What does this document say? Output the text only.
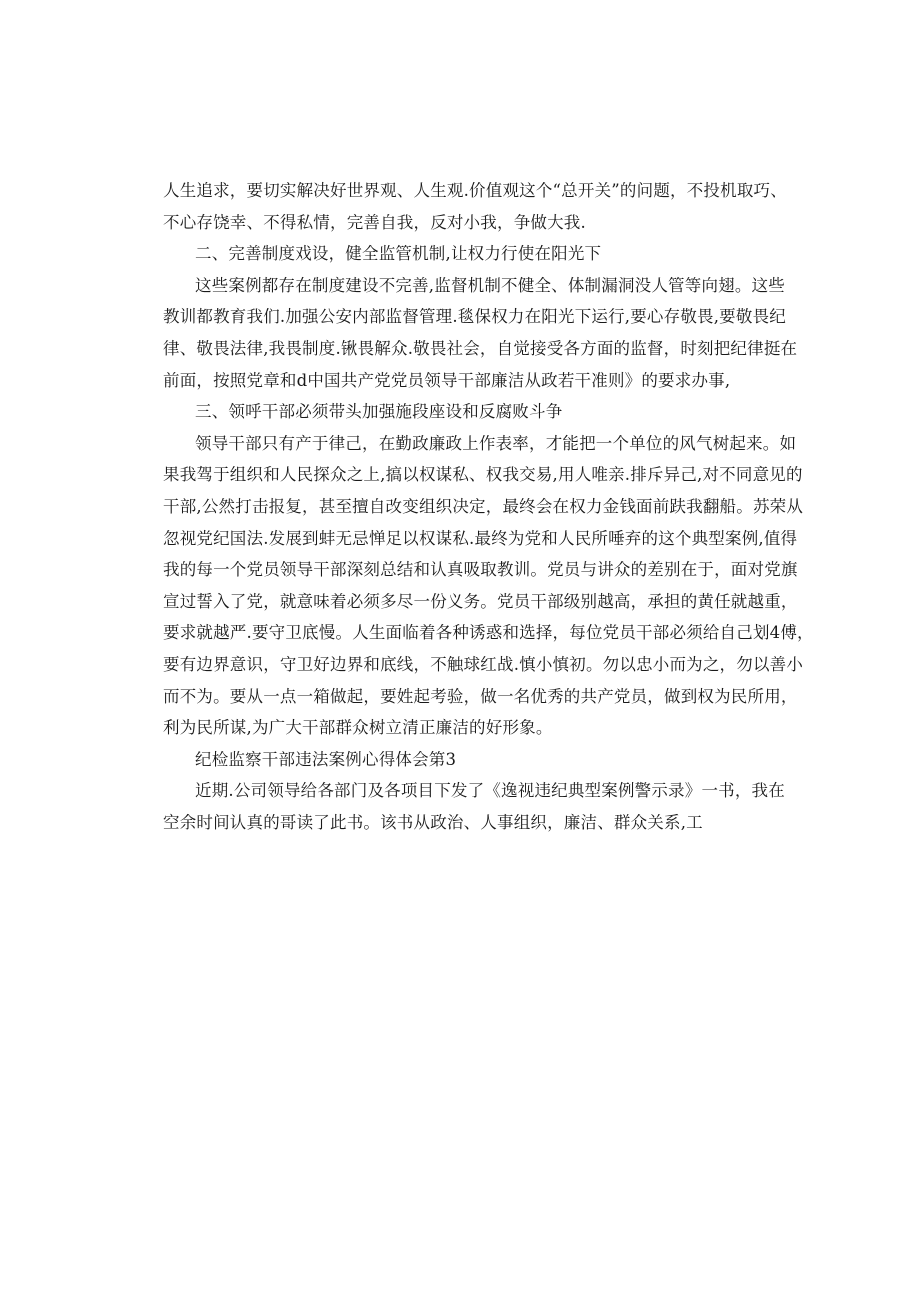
人生追求，要切实解决好世界观、人生观.价值观这个“总开关”的问题，不投机取巧、
不心存饶幸、不得私情，完善自我，反对小我，争做大我.
二、完善制度戏设，健全监管机制,让权力行使在阳光下
这些案例都存在制度建设不完善,监督机制不健全、体制漏洞没人管等向翅。这些
教训都教育我们.加强公安内部监督管理.毯保权力在阳光下运行,要心存敬畏,要敬畏纪
律、敬畏法律,我畏制度.锹畏解众.敬畏社会，自觉接受各方面的监督，时刻把纪律挺在
前面，按照党章和d中国共产党党员领导干部廉洁从政若干准则》的要求办事,
三、领呼干部必须带头加强施段座设和反腐败斗争
领导干部只有产于律己，在勤政廉政上作表率，才能把一个单位的风气树起来。如
果我驾于组织和人民探众之上,搞以权谋私、权我交易,用人唯亲.排斥异己,对不同意见的
干部,公然打击报复，甚至擅自改变组织决定，最终会在权力金钱面前趺我翻船。苏荣从
忽视党纪国法.发展到蚌无忌惮足以权谋私.最终为党和人民所唾弃的这个典型案例,值得
我的每一个党员领导干部深刻总结和认真吸取教训。党员与讲众的差别在于，面对党旗
宣过誓入了党，就意味着必须多尽一份义务。党员干部级别越高，承担的黄任就越重，
要求就越严.要守卫底慢。人生面临着各种诱惑和选择，每位党员干部必须给自己划4傅，
要有边界意识，守卫好边界和底线，不触球红战.慎小慎初。勿以忠小而为之，勿以善小
而不为。要从一点一箱做起，要姓起考验，做一名优秀的共产党员，做到权为民所用，
利为民所谋,为广大干部群众树立清正廉洁的好形象。
纪检监察干部违法案例心得体会第3
近期.公司领导给各部门及各项目下发了《逸视违纪典型案例警示录》一书，我在
空余时间认真的哥读了此书。该书从政治、人事组织，廉洁、群众关系,工
